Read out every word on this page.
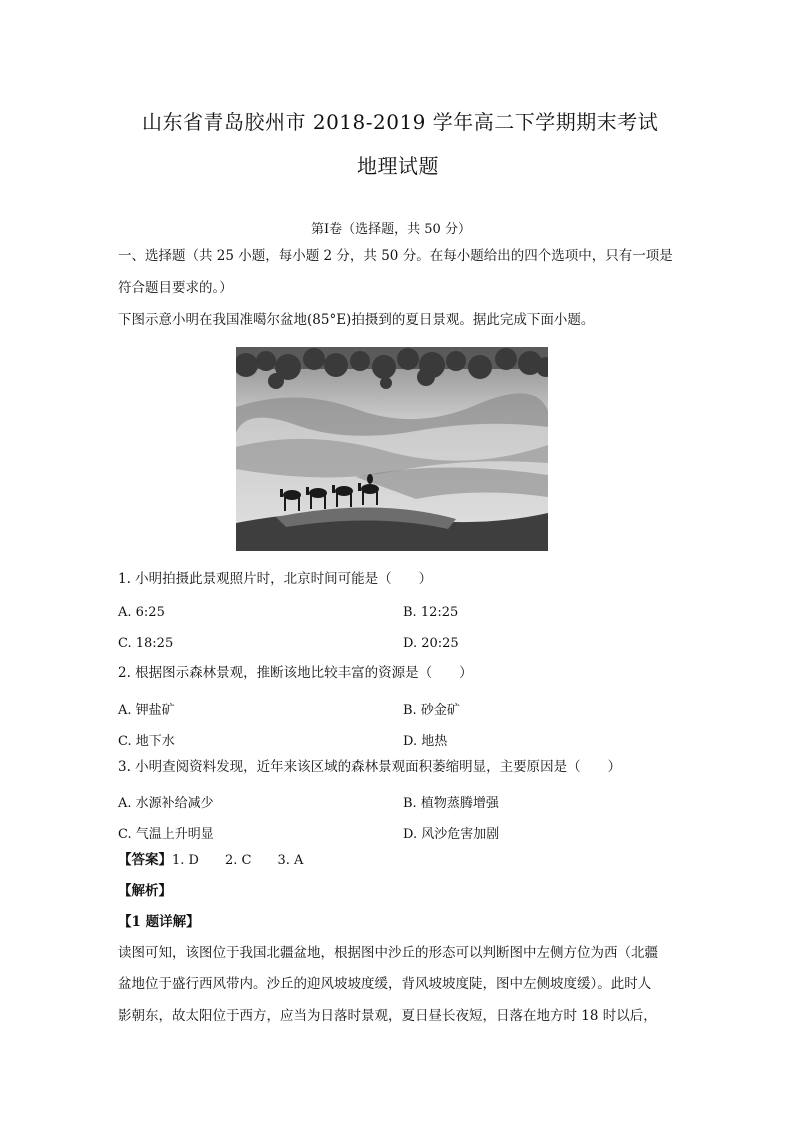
山东省青岛胶州市 2018-2019 学年高二下学期期末考试
地理试题
第Ⅰ卷（选择题，共 50 分）
一、选择题（共 25 小题，每小题 2 分，共 50 分。在每小题给出的四个选项中，只有一项是
符合题目要求的。）
下图示意小明在我国准噶尔盆地(85°E)拍摄到的夏日景观。据此完成下面小题。
1. 小明拍摄此景观照片时，北京时间可能是（　　）
A. 6:25	B. 12:25
C. 18:25	D. 20:25
2. 根据图示森林景观，推断该地比较丰富的资源是（　　）
A. 钾盐矿	B. 砂金矿
C. 地下水	D. 地热
3. 小明查阅资料发现，近年来该区域的森林景观面积萎缩明显，主要原因是（　　）
A. 水源补给减少	B. 植物蒸腾增强
C. 气温上升明显	D. 风沙危害加剧
【答案】1. D　　2. C　　3. A
【解析】
【1 题详解】
读图可知，该图位于我国北疆盆地，根据图中沙丘的形态可以判断图中左侧方位为西（北疆
盆地位于盛行西风带内。沙丘的迎风坡坡度缓，背风坡坡度陡，图中左侧坡度缓）。此时人
影朝东，故太阳位于西方，应当为日落时景观，夏日昼长夜短，日落在地方时 18 时以后，
